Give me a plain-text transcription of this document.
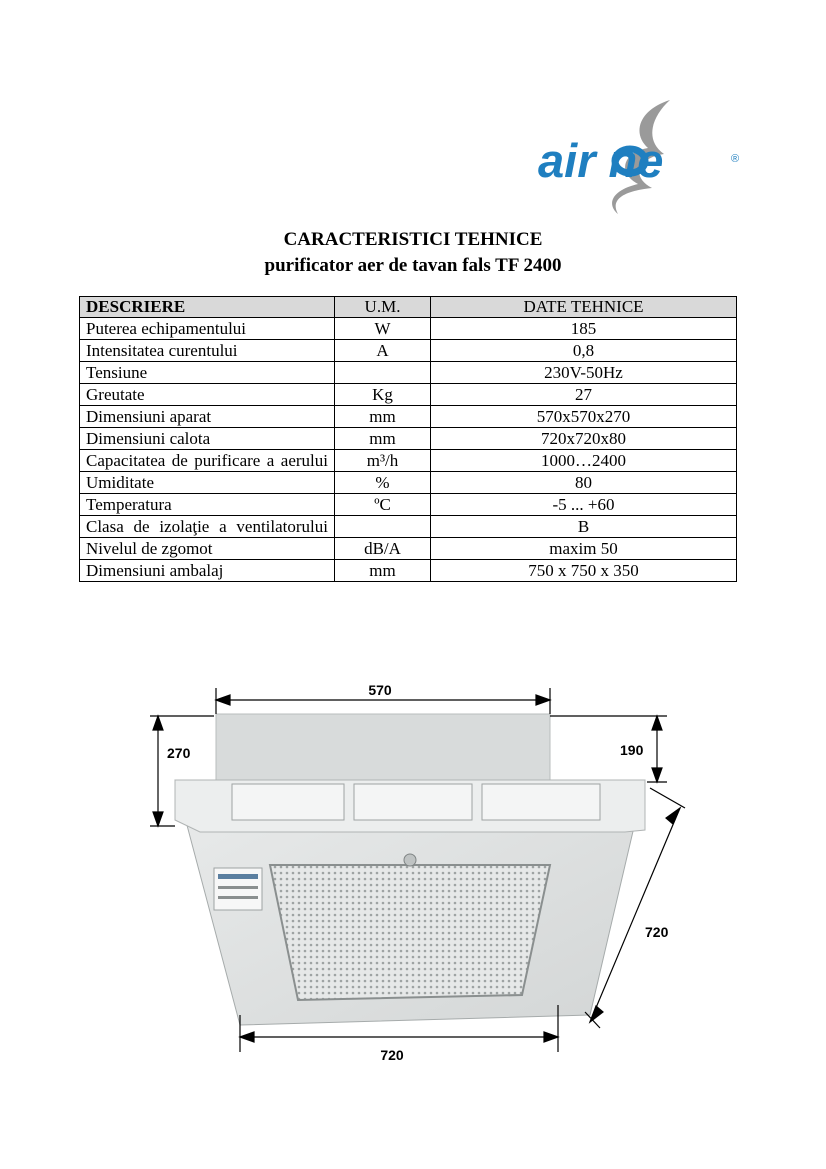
air ne	®
CARACTERISTICI TEHNICE
purificator aer de tavan fals TF 2400
DESCRIERE	U.M.	DATE TEHNICE
Puterea echipamentului	W	185
Intensitatea curentului	A	0,8
Tensiune		230V-50Hz
Greutate	Kg	27
Dimensiuni aparat	mm	570x570x270
Dimensiuni calota	mm	720x720x80
Capacitatea de purificare a aerului	m³/h	1000…2400
Umiditate	%	80
Temperatura	ºC	-5 ... +60
Clasa de izolaţie a ventilatorului		B
Nivelul de zgomot	dB/A	maxim 50
Dimensiuni ambalaj	mm	750 x 750 x 350
570
270	190
720
720
